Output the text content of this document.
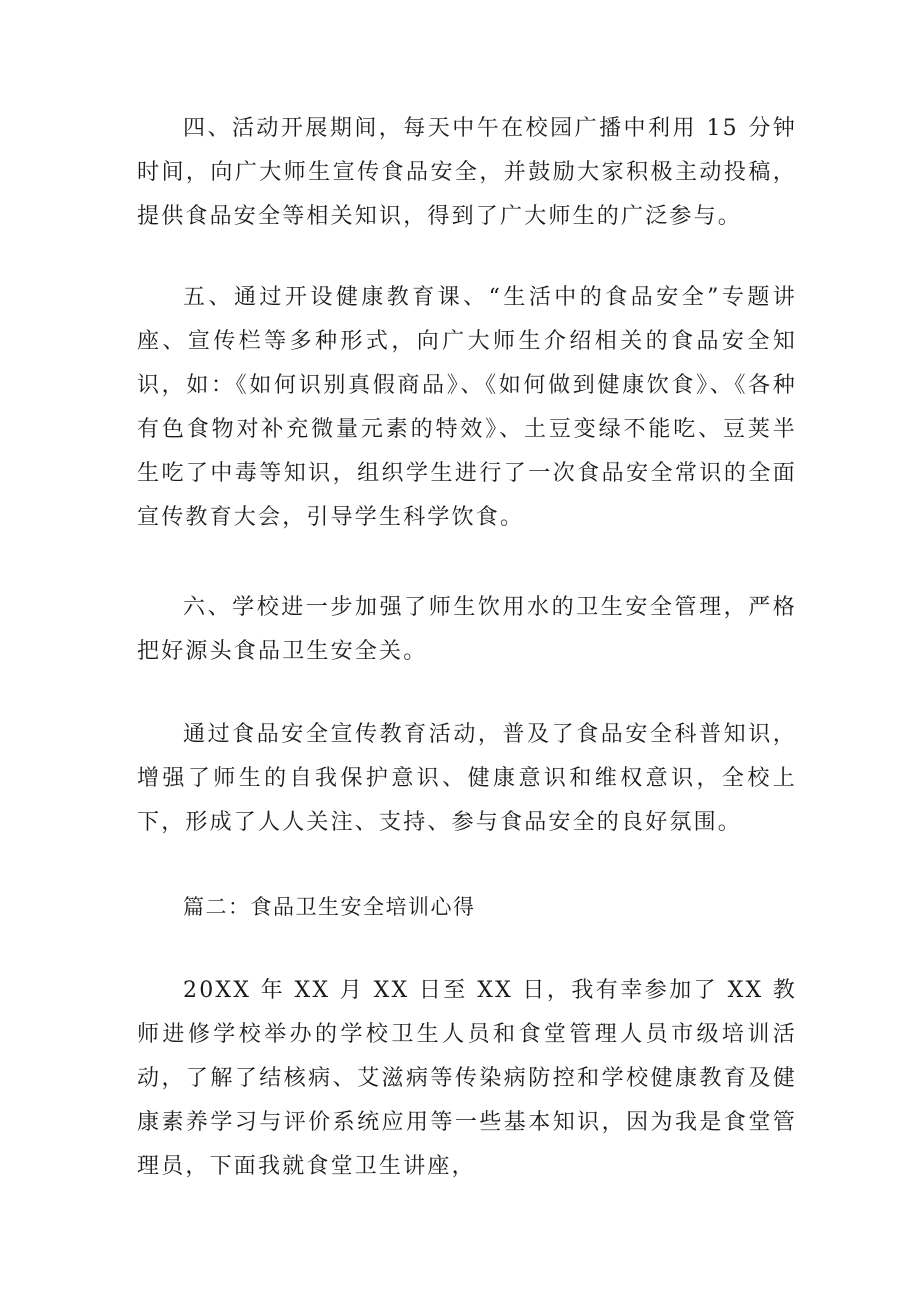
四、活动开展期间，每天中午在校园广播中利用 15 分钟时间，向广大师生宣传食品安全，并鼓励大家积极主动投稿，提供食品安全等相关知识，得到了广大师生的广泛参与。

五、通过开设健康教育课、“生活中的食品安全”专题讲座、宣传栏等多种形式，向广大师生介绍相关的食品安全知识，如：《如何识别真假商品》、《如何做到健康饮食》、《各种有色食物对补充微量元素的特效》、土豆变绿不能吃、豆荚半生吃了中毒等知识，组织学生进行了一次食品安全常识的全面宣传教育大会，引导学生科学饮食。

六、学校进一步加强了师生饮用水的卫生安全管理，严格把好源头食品卫生安全关。

通过食品安全宣传教育活动，普及了食品安全科普知识，增强了师生的自我保护意识、健康意识和维权意识，全校上下，形成了人人关注、支持、参与食品安全的良好氛围。

篇二：食品卫生安全培训心得

20XX 年 XX 月 XX 日至 XX 日，我有幸参加了 XX 教师进修学校举办的学校卫生人员和食堂管理人员市级培训活动，了解了结核病、艾滋病等传染病防控和学校健康教育及健康素养学习与评价系统应用等一些基本知识，因为我是食堂管理员，下面我就食堂卫生讲座，
